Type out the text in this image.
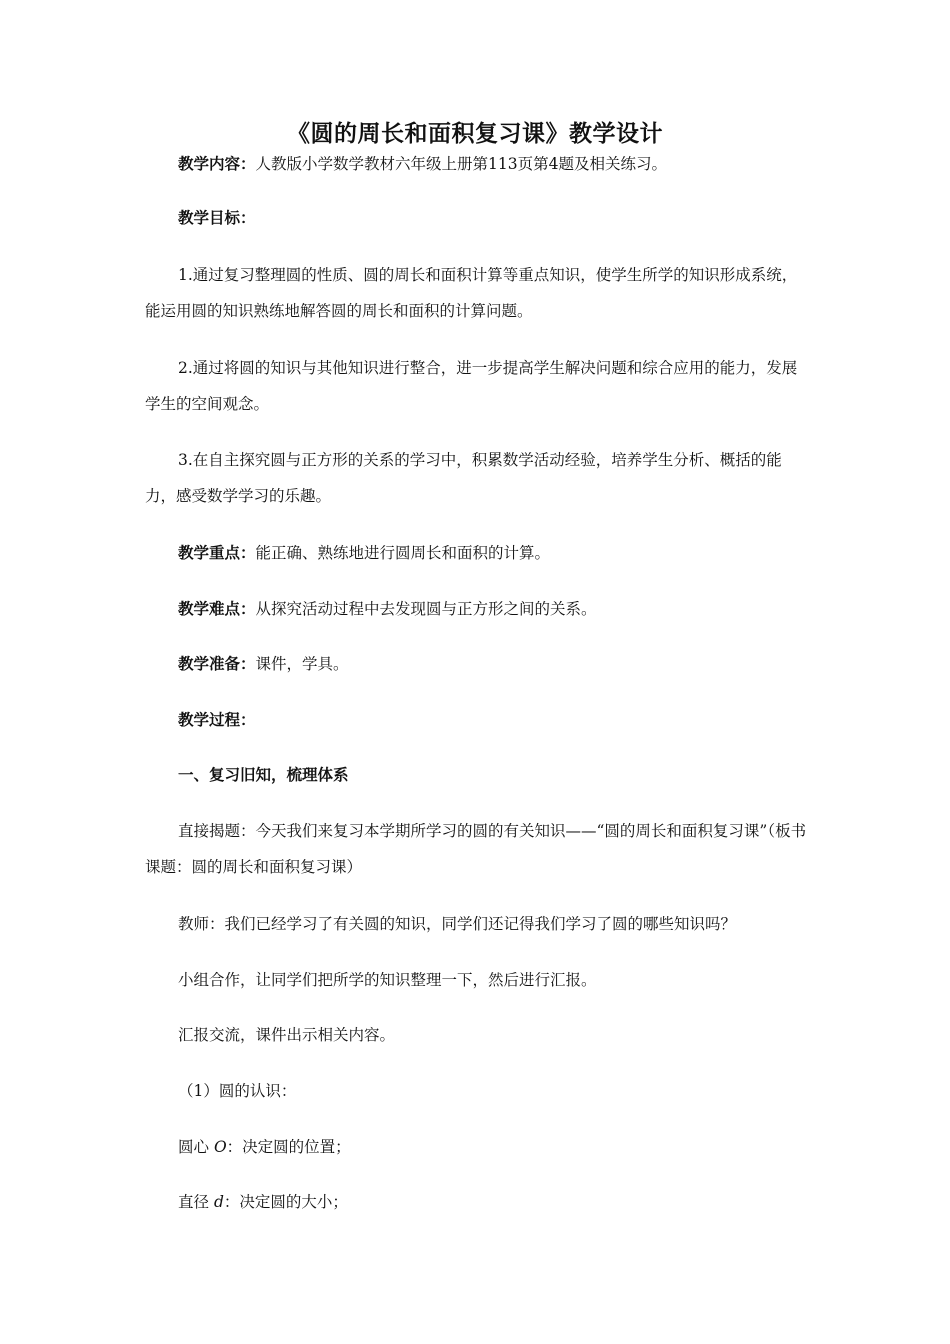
《圆的周长和面积复习课》教学设计

教学内容：人教版小学数学教材六年级上册第113页第4题及相关练习。

教学目标：

1.通过复习整理圆的性质、圆的周长和面积计算等重点知识，使学生所学的知识形成系统，能运用圆的知识熟练地解答圆的周长和面积的计算问题。

2.通过将圆的知识与其他知识进行整合，进一步提高学生解决问题和综合应用的能力，发展学生的空间观念。

3.在自主探究圆与正方形的关系的学习中，积累数学活动经验，培养学生分析、概括的能力，感受数学学习的乐趣。

教学重点：能正确、熟练地进行圆周长和面积的计算。

教学难点：从探究活动过程中去发现圆与正方形之间的关系。

教学准备：课件，学具。

教学过程：

一、复习旧知，梳理体系

直接揭题：今天我们来复习本学期所学习的圆的有关知识——“圆的周长和面积复习课”（板书课题：圆的周长和面积复习课）

教师：我们已经学习了有关圆的知识，同学们还记得我们学习了圆的哪些知识吗？

小组合作，让同学们把所学的知识整理一下，然后进行汇报。

汇报交流，课件出示相关内容。

（1）圆的认识：

圆心 O：决定圆的位置；

直径 d：决定圆的大小；
